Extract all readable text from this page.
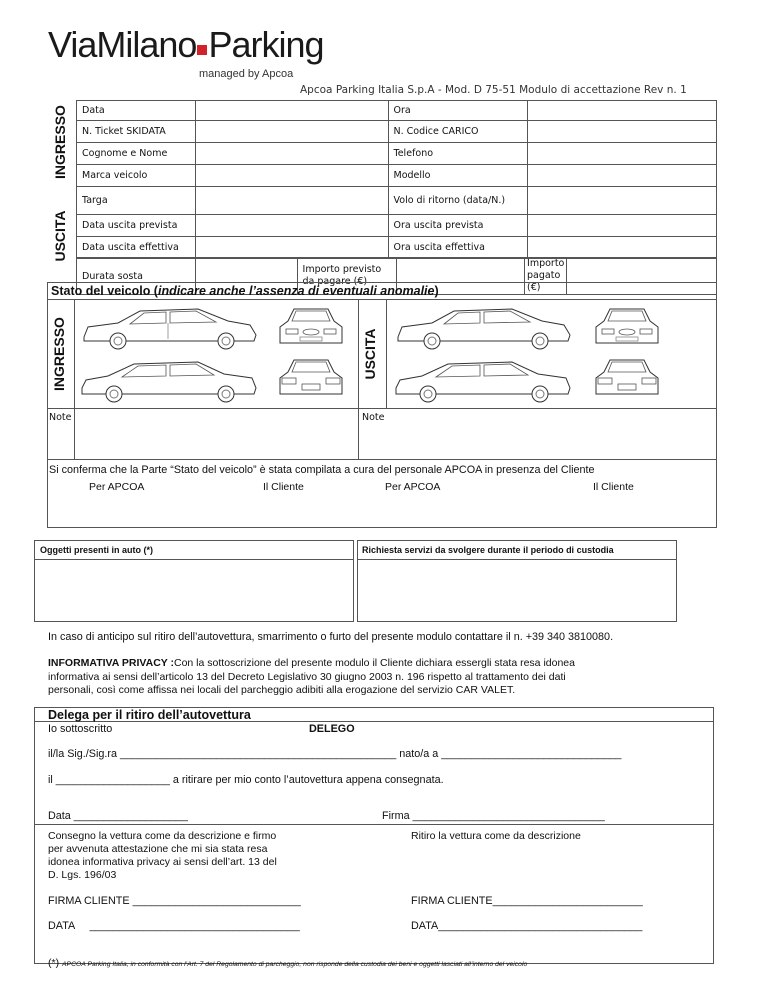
ViaMilano Parking
managed by Apcoa
Apcoa Parking Italia S.p.A - Mod. D 75-51 Modulo di accettazione Rev n. 1
INGRESSO
USCITA
Data		Ora	
N. Ticket SKIDATA		N. Codice CARICO	
Cognome e Nome		Telefono	
Marca veicolo		Modello	
Targa		Volo di ritorno (data/N.)	
Data uscita prevista		Ora uscita prevista	
Data uscita effettiva		Ora uscita effettiva	
Durata sosta		Importo previsto da pagare (€)		Importo pagato (€)	
Stato del veicolo (indicare anche l’assenza di eventuali anomalie)
INGRESSO	USCITA
Note	Note
Si conferma che la Parte “Stato del veicolo” è stata compilata a cura del personale APCOA in presenza del Cliente
Per APCOA	Il Cliente	Per APCOA	Il Cliente
Oggetti presenti in auto (*)	Richiesta servizi da svolgere durante il periodo di custodia
In caso di anticipo sul ritiro dell’autovettura, smarrimento o furto del presente modulo contattare il n. +39 340 3810080.
INFORMATIVA PRIVACY :Con la sottoscrizione del presente modulo il Cliente dichiara essergli stata resa idonea
informativa ai sensi dell’articolo 13 del Decreto Legislativo 30 giugno 2003 n. 196 rispetto al trattamento dei dati
personali, così come affissa nei locali del parcheggio adibiti alla erogazione del servizio CAR VALET.
Delega per il ritiro dell’autovettura
Io sottoscritto	DELEGO
il/la Sig./Sig.ra ______________________________________________ nato/a a ______________________________
il ___________________ a ritirare per mio conto l’autovettura appena consegnata.
Data ___________________	Firma ________________________________
Consegno la vettura come da descrizione e firmo
per avvenuta attestazione che mi sia stata resa
idonea informativa privacy ai sensi dell’art. 13 del
D. Lgs. 196/03
Ritiro la vettura come da descrizione
FIRMA CLIENTE ____________________________	FIRMA CLIENTE_________________________
DATA     ___________________________________	DATA__________________________________
(*) APCOA Parking Italia, in conformità con l’Art. 7 del Regolamento di parcheggio, non risponde della custodia dei beni e oggetti lasciati all’interno del veicolo
